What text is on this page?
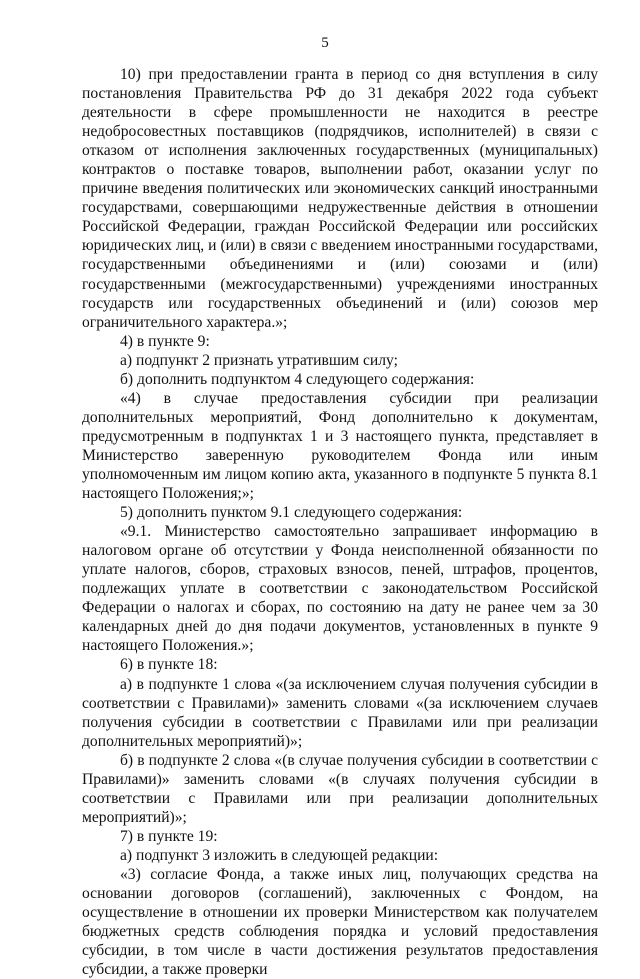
5

10) при предоставлении гранта в период со дня вступления в силу постановления Правительства РФ до 31 декабря 2022 года субъект деятельности в сфере промышленности не находится в реестре недобросовестных поставщиков (подрядчиков, исполнителей) в связи с отказом от исполнения заключенных государственных (муниципальных) контрактов о поставке товаров, выполнении работ, оказании услуг по причине введения политических или экономических санкций иностранными государствами, совершающими недружественные действия в отношении Российской Федерации, граждан Российской Федерации или российских юридических лиц, и (или) в связи с введением иностранными государствами, государственными объединениями и (или) союзами и (или) государственными (межгосударственными) учреждениями иностранных государств или государственных объединений и (или) союзов мер ограничительного характера.»;

4) в пункте 9:

а) подпункт 2 признать утратившим силу;

б) дополнить подпунктом 4 следующего содержания:

«4) в случае предоставления субсидии при реализации дополнительных мероприятий, Фонд дополнительно к документам, предусмотренным в подпунктах 1 и 3 настоящего пункта, представляет в Министерство заверенную руководителем Фонда или иным уполномоченным им лицом копию акта, указанного в подпункте 5 пункта 8.1 настоящего Положения;»;

5) дополнить пунктом 9.1 следующего содержания:

«9.1. Министерство самостоятельно запрашивает информацию в налоговом органе об отсутствии у Фонда неисполненной обязанности по уплате налогов, сборов, страховых взносов, пеней, штрафов, процентов, подлежащих уплате в соответствии с законодательством Российской Федерации о налогах и сборах, по состоянию на дату не ранее чем за 30 календарных дней до дня подачи документов, установленных в пункте 9 настоящего Положения.»;

6) в пункте 18:

а) в подпункте 1 слова «(за исключением случая получения субсидии в соответствии с Правилами)» заменить словами «(за исключением случаев получения субсидии в соответствии с Правилами или при реализации дополнительных мероприятий)»;

б) в подпункте 2 слова «(в случае получения субсидии в соответствии с Правилами)» заменить словами «(в случаях получения субсидии в соответствии с Правилами или при реализации дополнительных мероприятий)»;

7) в пункте 19:

а) подпункт 3 изложить в следующей редакции:

«3) согласие Фонда, а также иных лиц, получающих средства на основании договоров (соглашений), заключенных с Фондом, на осуществление в отношении их проверки Министерством как получателем бюджетных средств соблюдения порядка и условий предоставления субсидии, в том числе в части достижения результатов предоставления субсидии, а также проверки
